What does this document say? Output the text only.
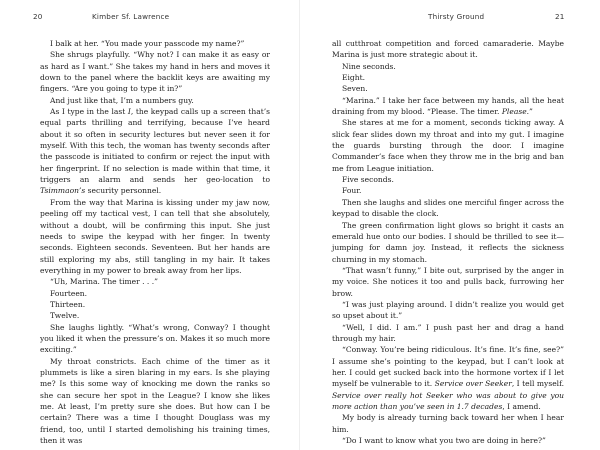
20	Kimber Sf. Lawrence

I balk at her. “You made your passcode my name?”

She shrugs playfully. “Why not? I can make it as easy or as hard as I want.” She takes my hand in hers and moves it down to the panel where the backlit keys are awaiting my fingers. “Are you going to type it in?”

And just like that, I’m a numbers guy.

As I type in the last I, the keypad calls up a screen that’s equal parts thrilling and terrifying, because I’ve heard about it so often in security lectures but never seen it for myself. With this tech, the woman has twenty seconds after the passcode is initiated to confirm or reject the input with her fingerprint. If no selection is made within that time, it triggers an alarm and sends her geo-location to Tsimmaon’s security personnel.

From the way that Marina is kissing under my jaw now, peeling off my tactical vest, I can tell that she absolutely, without a doubt, will be confirming this input. She just needs to swipe the keypad with her finger. In twenty seconds. Eighteen seconds. Seventeen. But her hands are still exploring my abs, still tangling in my hair. It takes everything in my power to break away from her lips.

“Uh, Marina. The timer . . .”

Fourteen.

Thirteen.

Twelve.

She laughs lightly. “What’s wrong, Conway? I thought you liked it when the pressure’s on. Makes it so much more exciting.”

My throat constricts. Each chime of the timer as it plummets is like a siren blaring in my ears. Is she playing me? Is this some way of knocking me down the ranks so she can secure her spot in the League? I know she likes me. At least, I’m pretty sure she does. But how can I be certain? There was a time I thought Douglass was my friend, too, until I started demolishing his training times, then it was

Thirsty Ground	21

all cutthroat competition and forced camaraderie. Maybe Marina is just more strategic about it.

Nine seconds.

Eight.

Seven.

“Marina.” I take her face between my hands, all the heat draining from my blood. “Please. The timer. Please.”

She stares at me for a moment, seconds ticking away. A slick fear slides down my throat and into my gut. I imagine the guards bursting through the door. I imagine Commander’s face when they throw me in the brig and ban me from League initiation.

Five seconds.

Four.

Then she laughs and slides one merciful finger across the keypad to disable the clock.

The green confirmation light glows so bright it casts an emerald hue onto our bodies. I should be thrilled to see it—jumping for damn joy. Instead, it reflects the sickness churning in my stomach.

“That wasn’t funny,” I bite out, surprised by the anger in my voice. She notices it too and pulls back, furrowing her brow.

“I was just playing around. I didn’t realize you would get so upset about it.”

“Well, I did. I am.” I push past her and drag a hand through my hair.

“Conway. You’re being ridiculous. It’s fine. It’s fine, see?” I assume she’s pointing to the keypad, but I can’t look at her. I could get sucked back into the hormone vortex if I let myself be vulnerable to it. Service over Seeker, I tell myself. Service over really hot Seeker who was about to give you more action than you’ve seen in 1.7 decades, I amend.

My body is already turning back toward her when I hear him.

“Do I want to know what you two are doing in here?”
